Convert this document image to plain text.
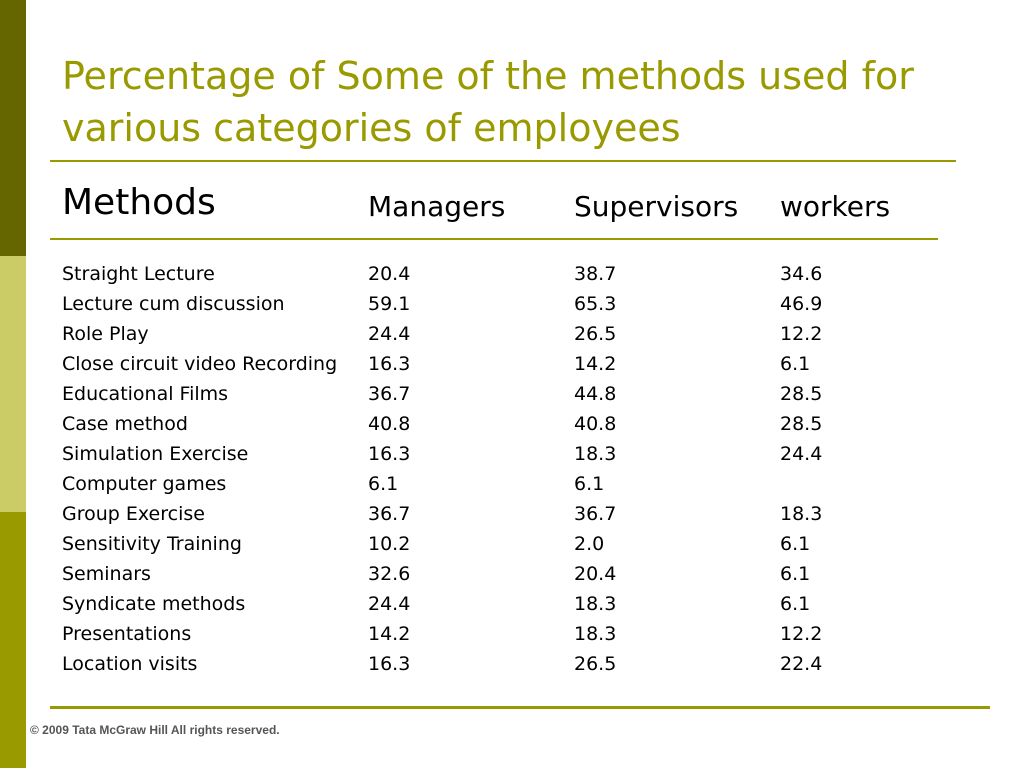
Percentage of Some of the methods used for various categories of employees
Methods	Managers Supervisors workers
Straight Lecture	20.4	38.7	34.6
Lecture cum discussion	59.1	65.3	46.9
Role Play	24.4	26.5	12.2
Close circuit video Recording 16.3	14.2	6.1
Educational Films	36.7	44.8	28.5
Case method	40.8	40.8	28.5
Simulation Exercise	16.3	18.3	24.4
Computer games	6.1	6.1
Group Exercise	36.7	36.7	18.3
Sensitivity Training	10.2	2.0	6.1
Seminars	32.6	20.4	6.1
Syndicate methods	24.4	18.3	6.1
Presentations	14.2	18.3	12.2
Location visits	16.3	26.5	22.4
© 2009 Tata McGraw Hill All rights reserved.
